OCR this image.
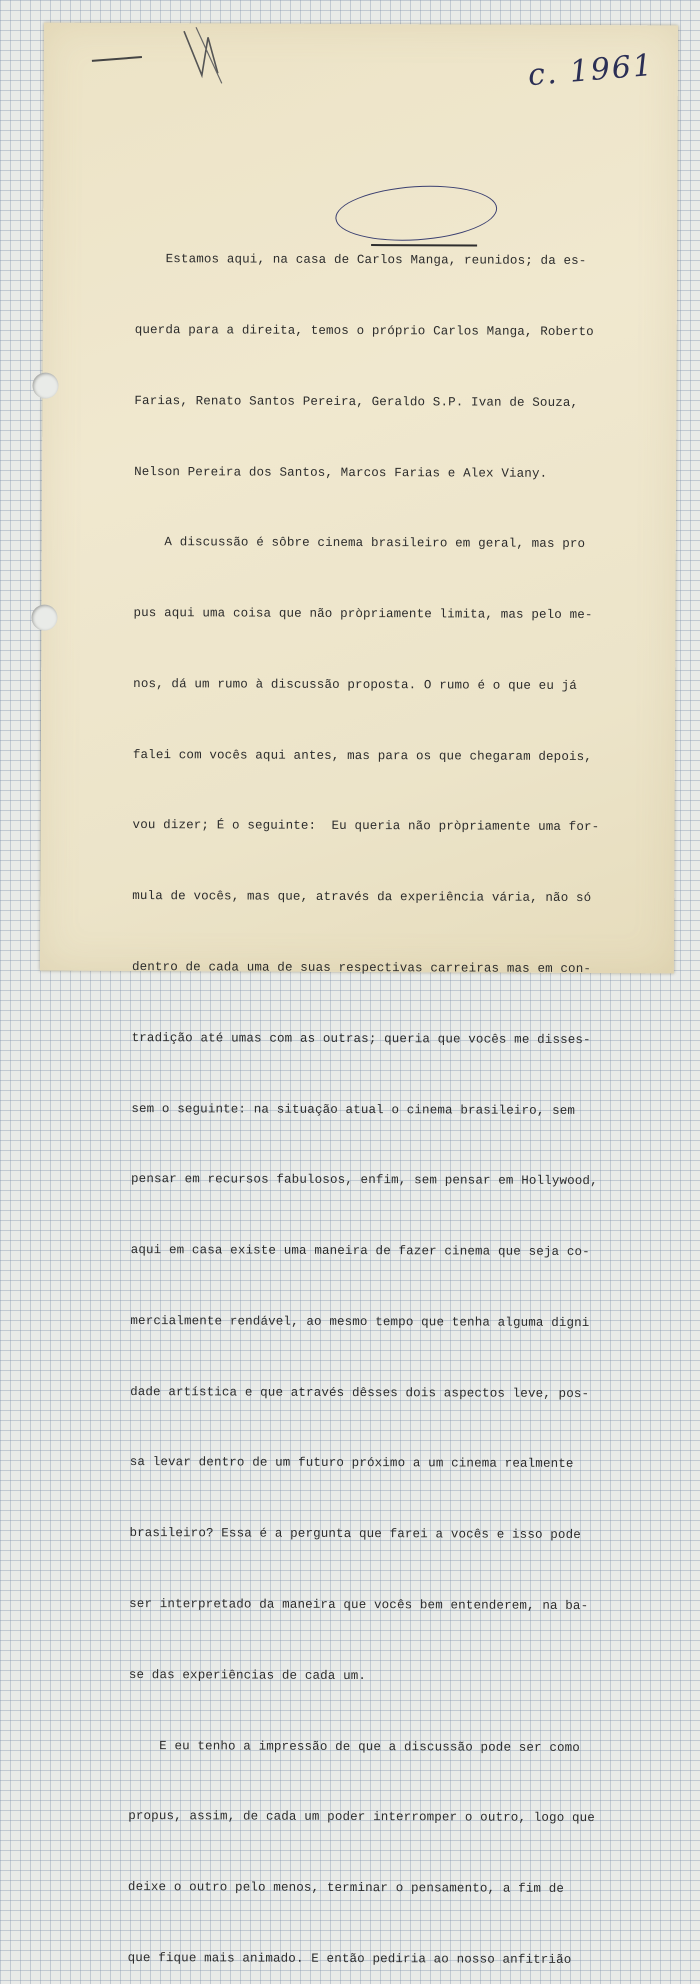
c. 1961

Estamos aqui, na casa de Carlos Manga, reunidos; da es-

querda para a direita, temos o próprio Carlos Manga, Roberto

Farias, Renato Santos Pereira, Geraldo S.P. Ivan de Souza,

Nelson Pereira dos Santos, Marcos Farias e Alex Viany.

A discussão é sôbre cinema brasileiro em geral, mas pro

pus aqui uma coisa que não pròpriamente limita, mas pelo me-

nos, dá um rumo à discussão proposta. O rumo é o que eu já

falei com vocês aqui antes, mas para os que chegaram depois,

vou dizer; É o seguinte:  Eu queria não pròpriamente uma for-

mula de vocês, mas que, através da experiência vária, não só

dentro de cada uma de suas respectivas carreiras mas em con-

tradição até umas com as outras; queria que vocês me disses-

sem o seguinte: na situação atual o cinema brasileiro, sem

pensar em recursos fabulosos, enfim, sem pensar em Hollywood,

aqui em casa existe uma maneira de fazer cinema que seja co-

mercialmente rendável, ao mesmo tempo que tenha alguma digni

dade artística e que através dêsses dois aspectos leve, pos-

sa levar dentro de um futuro próximo a um cinema realmente

brasileiro? Essa é a pergunta que farei a vocês e isso pode

ser interpretado da maneira que vocês bem entenderem, na ba-

se das experiências de cada um.

E eu tenho a impressão de que a discussão pode ser como

propus, assim, de cada um poder interromper o outro, logo que

deixe o outro pelo menos, terminar o pensamento, a fim de

que fique mais animado. E então pediria ao nosso anfitrião
